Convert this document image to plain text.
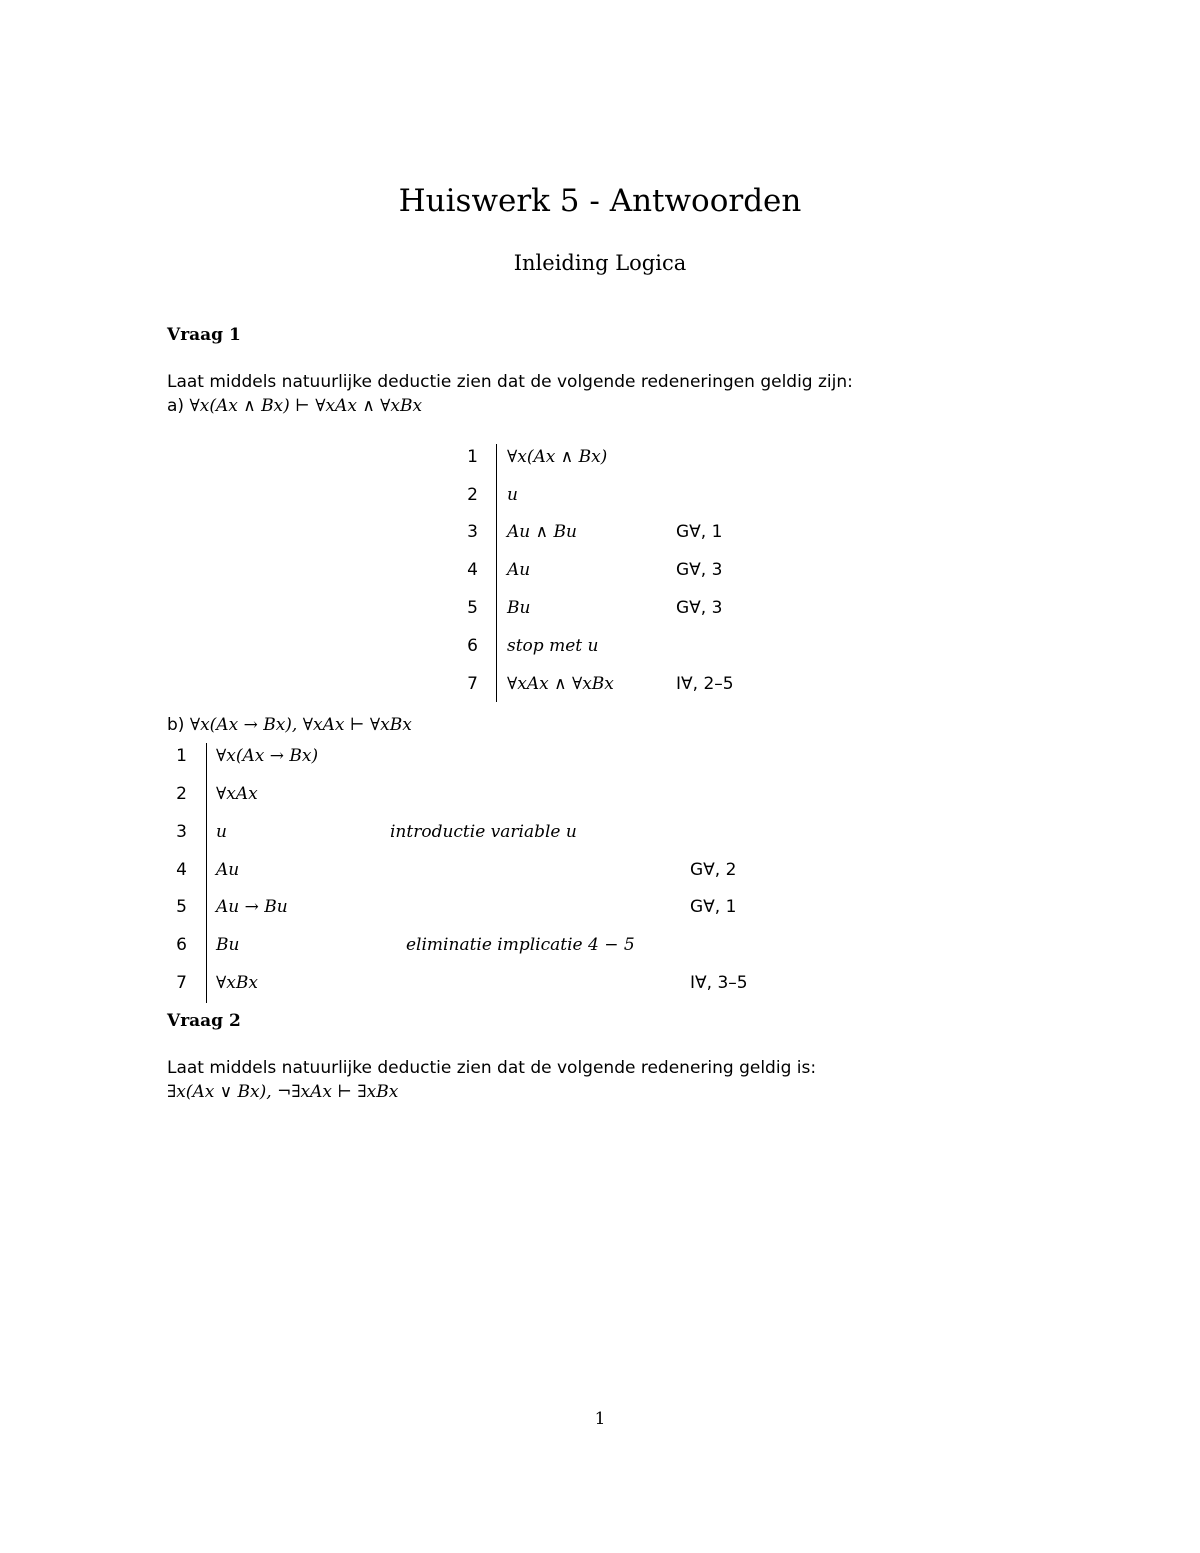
Huiswerk 5 - Antwoorden
Inleiding Logica
Vraag 1
Laat middels natuurlijke deductie zien dat de volgende redeneringen geldig zijn:
a) ∀x(Ax ∧ Bx) ⊢ ∀xAx ∧ ∀xBx
1 ∀x(Ax ∧ Bx)
2 u
3 Au ∧ Bu	G∀, 1
4 Au	G∀, 3
5 Bu	G∀, 3
6 stop met u
7 ∀xAx ∧ ∀xBx	I∀, 2–5
b) ∀x(Ax → Bx), ∀xAx ⊢ ∀xBx
1 ∀x(Ax → Bx)
2 ∀xAx
3 u	introductie variable u
4 Au	G∀, 2
5 Au → Bu	G∀, 1
6 Bu	eliminatie implicatie 4 − 5
7 ∀xBx	I∀, 3–5
Vraag 2
Laat middels natuurlijke deductie zien dat de volgende redenering geldig is:
∃x(Ax ∨ Bx), ¬∃xAx ⊢ ∃xBx
1
